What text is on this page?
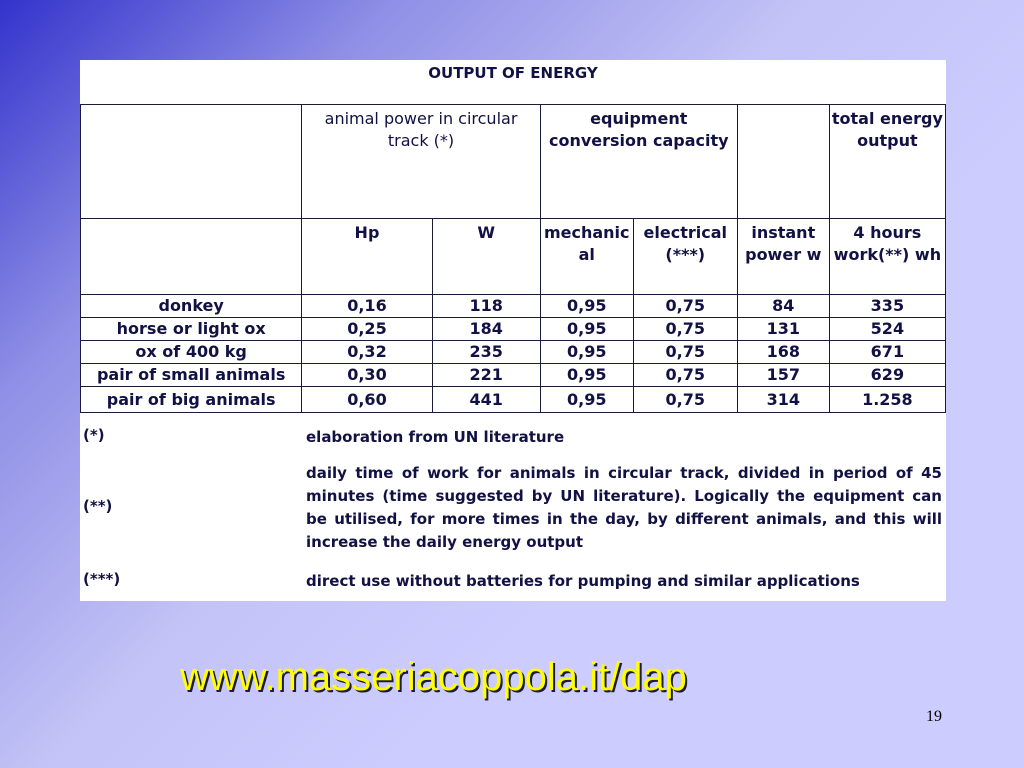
OUTPUT OF ENERGY
	animal power in circular track (*)		equipment conversion capacity			total energy output
	Hp	W	mechanic al	electrical (***)	instant power w	4 hours work(**) wh
donkey	0,16	118	0,95	0,75	84	335
horse or light ox	0,25	184	0,95	0,75	131	524
ox of 400 kg	0,32	235	0,95	0,75	168	671
pair of small animals	0,30	221	0,95	0,75	157	629
pair of big animals	0,60	441	0,95	0,75	314	1.258
(*)	elaboration from UN literature
(**)
daily time of work for animals in circular track, divided in period of 45 minutes (time suggested by UN literature). Logically the equipment can be utilised, for more times in the day, by different animals, and this will increase the daily energy output
(***)	direct use without batteries for pumping and similar applications
www.masseriacoppola.it/dap
19
